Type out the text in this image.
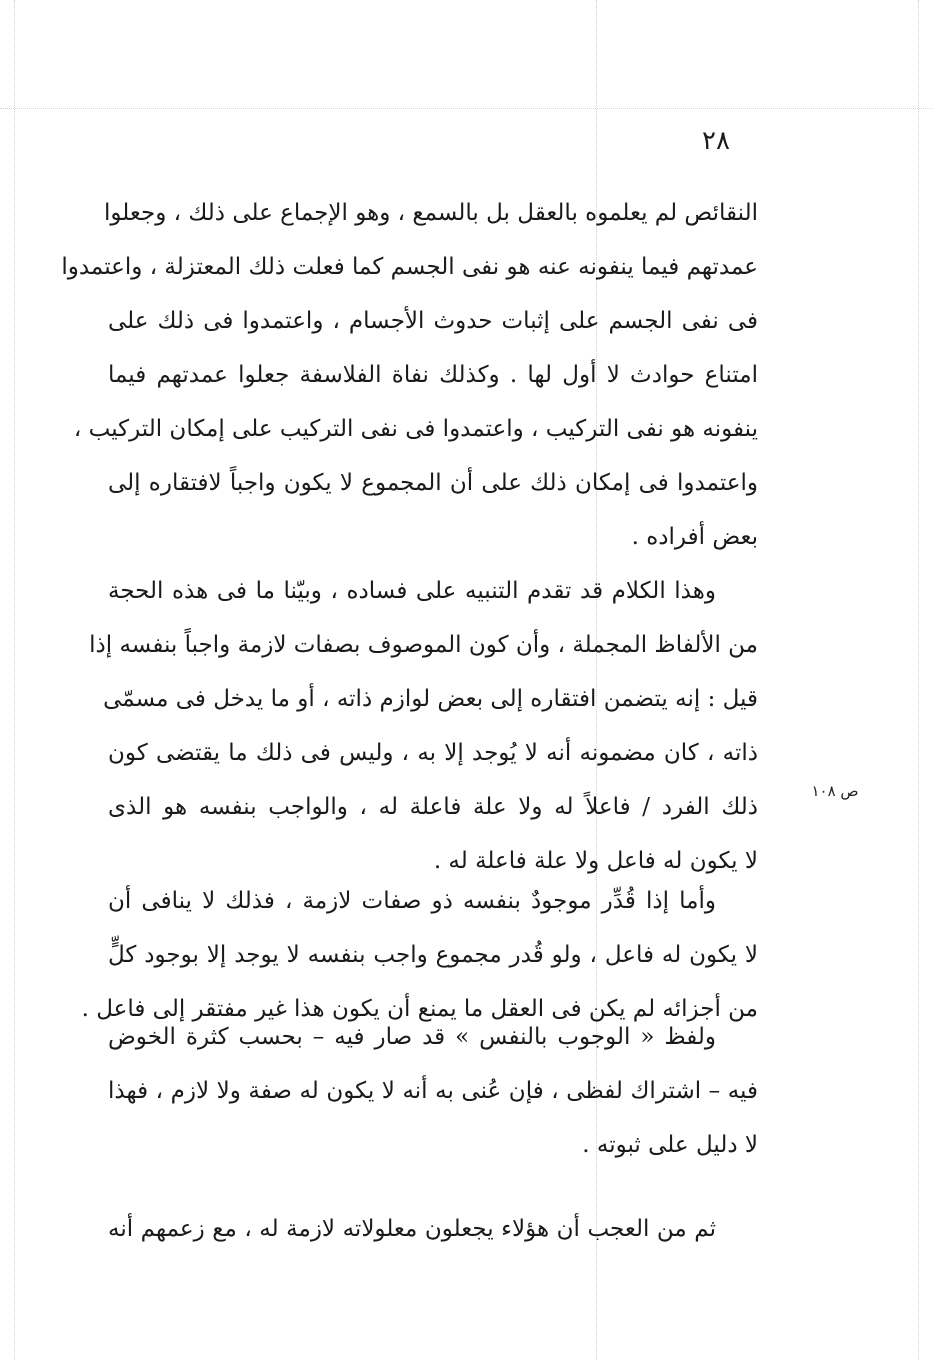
٢٨
ص ١٠٨
النقائص لم يعلموه بالعقل بل بالسمع ، وهو الإجماع على ذلك ، وجعلوا
عمدتهم فيما ينفونه عنه هو نفى الجسم كما فعلت ذلك المعتزلة ، واعتمدوا
فى نفى الجسم على إثبات حدوث الأجسام ، واعتمدوا فى ذلك على
امتناع حوادث لا أول لها . وكذلك نفاة الفلاسفة جعلوا عمدتهم فيما
ينفونه هو نفى التركيب ، واعتمدوا فى نفى التركيب على إمكان التركيب ،
واعتمدوا فى إمكان ذلك على أن المجموع لا يكون واجباً لافتقاره إلى
بعض أفراده .
وهذا الكلام قد تقدم التنبيه على فساده ، وبيّنا ما فى هذه الحجة
من الألفاظ المجملة ، وأن كون الموصوف بصفات لازمة واجباً بنفسه إذا
قيل : إنه يتضمن افتقاره إلى بعض لوازم ذاته ، أو ما يدخل فى مسمّى
ذاته ، كان مضمونه أنه لا يُوجد إلا به ، وليس فى ذلك ما يقتضى كون
ذلك الفرد / فاعلاً له ولا علة فاعلة له ، والواجب بنفسه هو الذى
لا يكون له فاعل ولا علة فاعلة له .
وأما إذا قُدِّر موجودٌ بنفسه ذو صفات لازمة ، فذلك لا ينافى أن
لا يكون له فاعل ، ولو قُدر مجموع واجب بنفسه لا يوجد إلا بوجود كلٍّ
من أجزائه لم يكن فى العقل ما يمنع أن يكون هذا غير مفتقر إلى فاعل .
ولفظ « الوجوب بالنفس » قد صار فيه – بحسب كثرة الخوض
فيه – اشتراك لفظى ، فإن عُنى به أنه لا يكون له صفة ولا لازم ، فهذا
لا دليل على ثبوته .
ثم من العجب أن هؤلاء يجعلون معلولاته لازمة له ، مع زعمهم أنه
